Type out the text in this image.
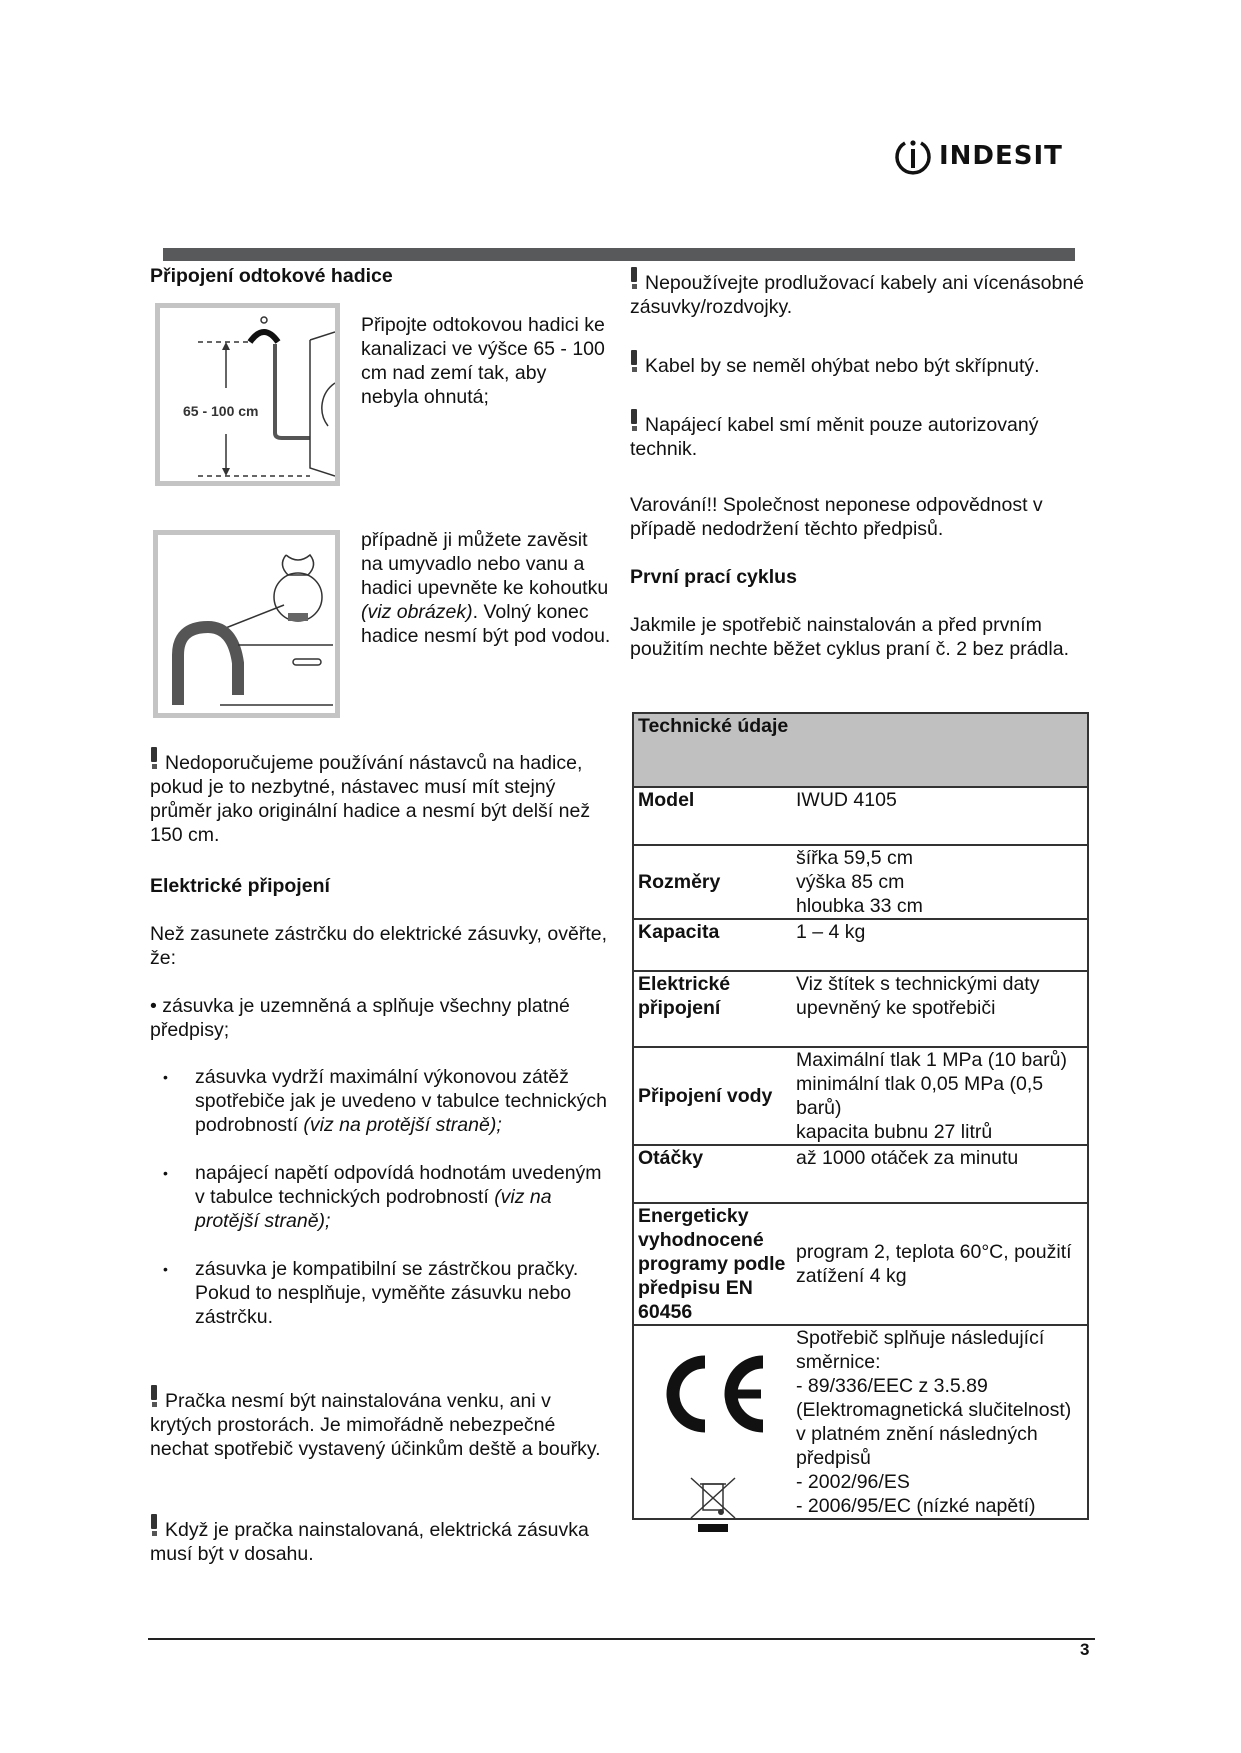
INDESIT
Připojení odtokové hadice
65 - 100 cm
Připojte odtokovou hadici ke kanalizaci ve výšce 65 - 100 cm nad zemí tak, aby nebyla ohnutá;
případně ji můžete zavěsit na umyvadlo nebo vanu a hadici upevněte ke kohoutku (viz obrázek). Volný konec hadice nesmí být pod vodou.
Nedoporučujeme používání nástavců na hadice, pokud je to nezbytné, nástavec musí mít stejný průměr jako originální hadice a nesmí být delší než 150 cm.
Elektrické připojení
Než zasunete zástrčku do elektrické zásuvky, ověřte, že:
• zásuvka je uzemněná a splňuje všechny platné předpisy;
• zásuvka vydrží maximální výkonovou zátěž spotřebiče jak je uvedeno v tabulce technických podrobností (viz na protější straně);
• napájecí napětí odpovídá hodnotám uvedeným v tabulce technických podrobností (viz na protější straně);
• zásuvka je kompatibilní se zástrčkou pračky. Pokud to nesplňuje, vyměňte zásuvku nebo zástrčku.
Pračka nesmí být nainstalována venku, ani v krytých prostorách. Je mimořádně nebezpečné nechat spotřebič vystavený účinkům deště a bouřky.
Když je pračka nainstalovaná, elektrická zásuvka musí být v dosahu.
Nepoužívejte prodlužovací kabely ani vícenásobné zásuvky/rozdvojky.
Kabel by se neměl ohýbat nebo být skřípnutý.
Napájecí kabel smí měnit pouze autorizovaný technik.
Varování!! Společnost neponese odpovědnost v případě nedodržení těchto předpisů.
První prací cyklus
Jakmile je spotřebič nainstalován a před prvním použitím nechte běžet cyklus praní č. 2 bez prádla.
Technické údaje	
Model	IWUD 4105
Rozměry	šířka 59,5 cm
výška 85 cm
hloubka 33 cm

Kapacita	1 – 4 kg
Elektrické připojení	Viz štítek s technickými daty upevněný ke spotřebiči
Připojení vody	Maximální tlak 1 MPa (10 barů)
minimální tlak 0,05 MPa (0,5 barů)
kapacita bubnu 27 litrů

Otáčky	až 1000 otáček za minutu
Energeticky vyhodnocené programy podle předpisu EN 60456	program 2, teplota 60°C, použití zatížení 4 kg

Spotřebič splňuje následující směrnice:
- 89/336/EEC z 3.5.89 (Elektromagnetická slučitelnost) v platném znění následných předpisů
- 2002/96/ES
- 2006/95/EC (nízké napětí)
3
